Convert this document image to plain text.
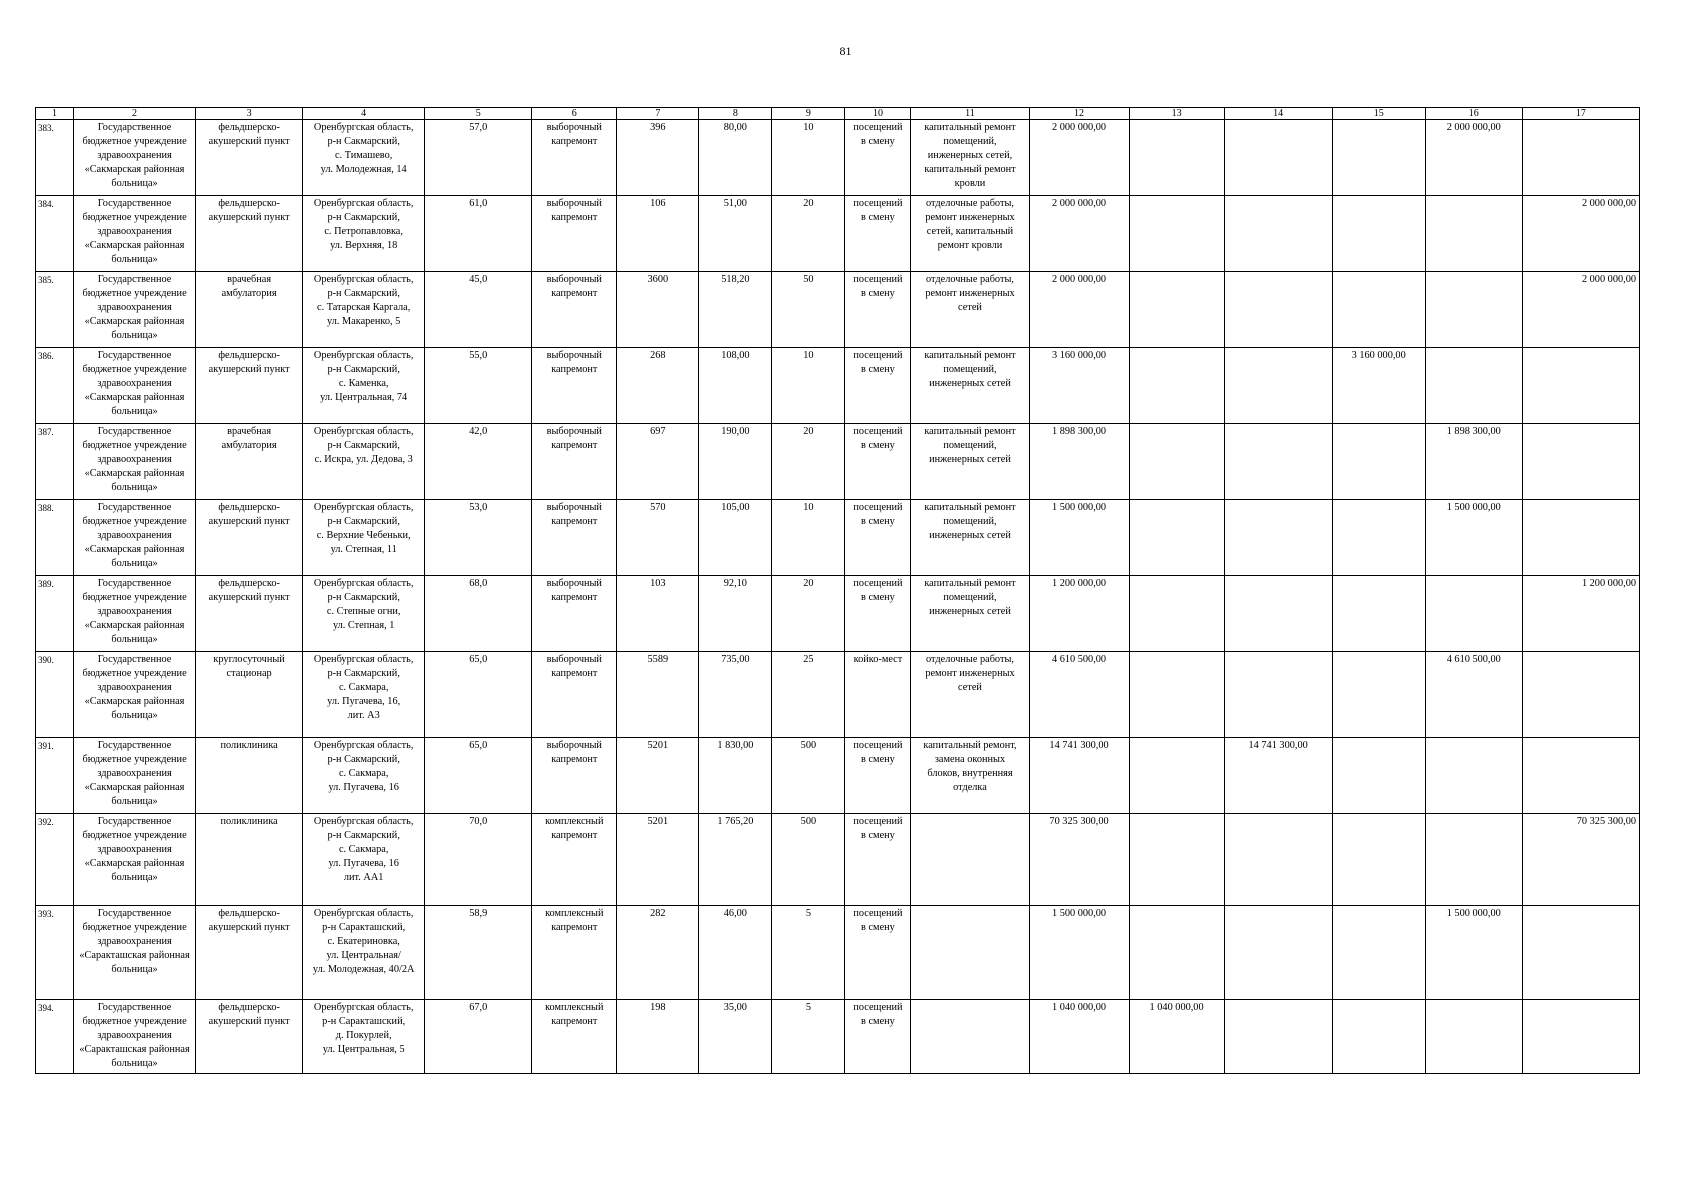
81
1	2	3	4	5	6	7	8	9	10	11	12	13	14	15	16	17
383.	Государственное
бюджетное учреждение
здравоохранения
«Сакмарская районная
больница»	фельдшерско-
акушерский пункт	Оренбургская область,
р-н Сакмарский,
с. Тимашево,
ул. Молодежная, 14	57,0	выборочный
капремонт	396	80,00	10	посещений
в смену	капитальный ремонт
помещений,
инженерных сетей,
капитальный ремонт
кровли	2 000 000,00				2 000 000,00	
384.	Государственное
бюджетное учреждение
здравоохранения
«Сакмарская районная
больница»	фельдшерско-
акушерский пункт	Оренбургская область,
р-н Сакмарский,
с. Петропавловка,
ул. Верхняя, 18	61,0	выборочный
капремонт	106	51,00	20	посещений
в смену	отделочные работы,
ремонт инженерных
сетей, капитальный
ремонт кровли	2 000 000,00					2 000 000,00
385.	Государственное
бюджетное учреждение
здравоохранения
«Сакмарская районная
больница»	врачебная
амбулатория	Оренбургская область,
р-н Сакмарский,
с. Татарская Каргала,
ул. Макаренко, 5	45,0	выборочный
капремонт	3600	518,20	50	посещений
в смену	отделочные работы,
ремонт инженерных
сетей	2 000 000,00					2 000 000,00
386.	Государственное
бюджетное учреждение
здравоохранения
«Сакмарская районная
больница»	фельдшерско-
акушерский пункт	Оренбургская область,
р-н Сакмарский,
с. Каменка,
ул. Центральная, 74	55,0	выборочный
капремонт	268	108,00	10	посещений
в смену	капитальный ремонт
помещений,
инженерных сетей	3 160 000,00			3 160 000,00		
387.	Государственное
бюджетное учреждение
здравоохранения
«Сакмарская районная
больница»	врачебная
амбулатория	Оренбургская область,
р-н Сакмарский,
с. Искра, ул. Дедова, 3	42,0	выборочный
капремонт	697	190,00	20	посещений
в смену	капитальный ремонт
помещений,
инженерных сетей	1 898 300,00				1 898 300,00	
388.	Государственное
бюджетное учреждение
здравоохранения
«Сакмарская районная
больница»	фельдшерско-
акушерский пункт	Оренбургская область,
р-н Сакмарский,
с. Верхние Чебеньки,
ул. Степная, 11	53,0	выборочный
капремонт	570	105,00	10	посещений
в смену	капитальный ремонт
помещений,
инженерных сетей	1 500 000,00				1 500 000,00	
389.	Государственное
бюджетное учреждение
здравоохранения
«Сакмарская районная
больница»	фельдшерско-
акушерский пункт	Оренбургская область,
р-н Сакмарский,
с. Степные огни,
ул. Степная, 1	68,0	выборочный
капремонт	103	92,10	20	посещений
в смену	капитальный ремонт
помещений,
инженерных сетей	1 200 000,00					1 200 000,00
390.	Государственное
бюджетное учреждение
здравоохранения
«Сакмарская районная
больница»	круглосуточный
стационар	Оренбургская область,
р-н Сакмарский,
с. Сакмара,
ул. Пугачева, 16,
лит. А3	65,0	выборочный
капремонт	5589	735,00	25	койко-мест	отделочные работы,
ремонт инженерных
сетей	4 610 500,00				4 610 500,00	
391.	Государственное
бюджетное учреждение
здравоохранения
«Сакмарская районная
больница»	поликлиника	Оренбургская область,
р-н Сакмарский,
с. Сакмара,
ул. Пугачева, 16	65,0	выборочный
капремонт	5201	1 830,00	500	посещений
в смену	капитальный ремонт,
замена оконных
блоков, внутренняя
отделка	14 741 300,00		14 741 300,00			
392.	Государственное
бюджетное учреждение
здравоохранения
«Сакмарская районная
больница»	поликлиника	Оренбургская область,
р-н Сакмарский,
с. Сакмара,
ул. Пугачева, 16
лит. АА1	70,0	комплексный
капремонт	5201	1 765,20	500	посещений
в смену		70 325 300,00					70 325 300,00
393.	Государственное
бюджетное учреждение
здравоохранения
«Саракташская районная
больница»	фельдшерско-
акушерский пункт	Оренбургская область,
р-н Саракташский,
с. Екатериновка,
ул. Центральная/
ул. Молодежная, 40/2А	58,9	комплексный
капремонт	282	46,00	5	посещений
в смену		1 500 000,00				1 500 000,00	
394.	Государственное
бюджетное учреждение
здравоохранения
«Саракташская районная
больница»	фельдшерско-
акушерский пункт	Оренбургская область,
р-н Саракташский,
д. Покурлей,
ул. Центральная, 5	67,0	комплексный
капремонт	198	35,00	5	посещений
в смену		1 040 000,00	1 040 000,00				
